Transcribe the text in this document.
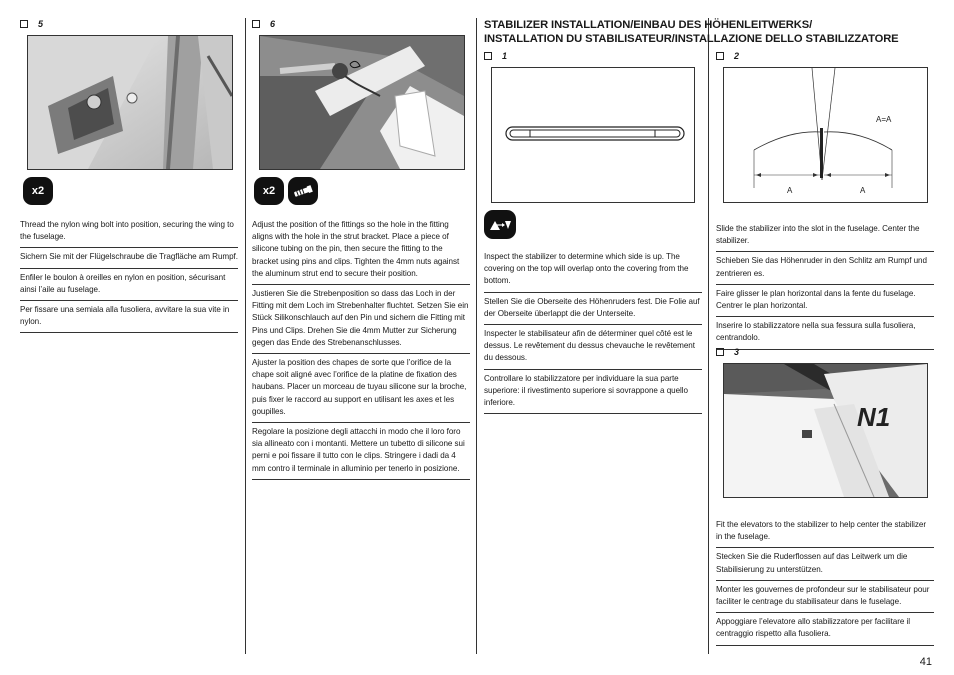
5
x2
Thread the nylon wing bolt into position, securing the wing to the fuselage.
Sichern Sie mit der Flügelschraube die Tragfläche am Rumpf.
Enfiler le boulon à oreilles en nylon en position, sécurisant ainsi l’aile au fuselage.
Per fissare una semiala alla fusoliera, avvitare la sua vite in nylon.
6
x2
Adjust the position of the fittings so the hole in the fitting aligns with the hole in the strut bracket. Place a piece of silicone tubing on the pin, then secure the fitting to the bracket using pins and clips. Tighten the 4mm nuts against the aluminum strut end to secure their position.
Justieren Sie die Strebenposition so dass das Loch in der Fitting mit dem Loch im Strebenhalter fluchtet. Setzen Sie ein Stück Silikonschlauch auf den Pin und sichern die Fitting mit Pins und Clips. Drehen Sie die 4mm Mutter zur Sicherung gegen das Ende des Strebenanschlusses.
Ajuster la position des chapes de sorte que l’orifice de la chape soit aligné avec l’orifice de la platine de fixation des haubans. Placer un morceau de tuyau silicone sur la broche, puis fixer le raccord au support en utilisant les axes et les goupilles.
Regolare la posizione degli attacchi in modo che il loro foro sia allineato con i montanti. Mettere un tubetto di silicone sui perni e poi fissare il tutto con le clips. Stringere i dadi da 4 mm contro il terminale in alluminio per tenerlo in posizione.
STABILIZER INSTALLATION/EINBAU DES HÖHENLEITWERKS/
INSTALLATION DU STABILISATEUR/INSTALLAZIONE DELLO STABILIZZATORE
1
Inspect the stabilizer to determine which side is up. The covering on the top will overlap onto the covering from the bottom.
Stellen Sie die Oberseite des Höhenruders fest. Die Folie auf der Oberseite überlappt die der Unterseite.
Inspecter le stabilisateur afin de déterminer quel côté est le dessus. Le revêtement du dessus chevauche le revêtement du dessous.
Controllare lo stabilizzatore per individuare la sua parte superiore: il rivestimento superiore si sovrappone a quello inferiore.
2
A=A
A	A
Slide the stabilizer into the slot in the fuselage. Center the stabilizer.
Schieben Sie das Höhenruder in den Schlitz am Rumpf und zentrieren es.
Faire glisser le plan horizontal dans la fente du fuselage. Centrer le plan horizontal.
Inserire lo stabilizzatore nella sua fessura sulla fusoliera, centrandolo.
3
N1
Fit the elevators to the stabilizer to help center the stabilizer in the fuselage.
Stecken Sie die Ruderflossen auf das Leitwerk um die Stabilisierung zu unterstützen.
Monter les gouvernes de profondeur sur le stabilisateur pour faciliter le centrage du stabilisateur dans le fuselage.
Appoggiare l’elevatore allo stabilizzatore per facilitare il centraggio rispetto alla fusoliera.
41
